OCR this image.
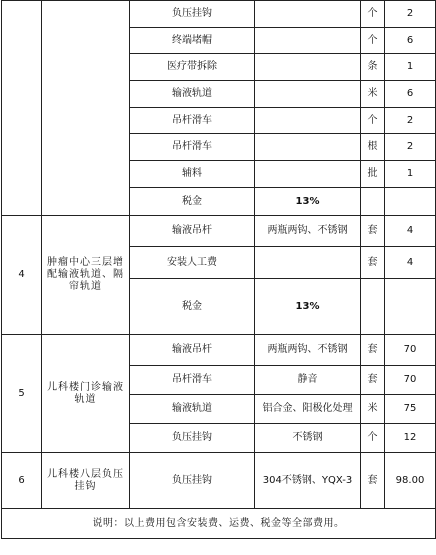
		负压挂钩		个	2
		终端堵帽		个	6
		医疗带拆除		条	1
		输液轨道		米	6
		吊杆滑车		个	2
		吊杆滑车		根	2
		辅料		批	1
		税金	13%		
4	肿瘤中心三层增配输液轨道、隔帘轨道	输液吊杆	两瓶两钩、不锈钢	套	4
		安装人工费		套	4
		税金	13%		
5	儿科楼门诊输液轨道	输液吊杆	两瓶两钩、不锈钢	套	70
		吊杆滑车	静音	套	70
		输液轨道	铝合金、阳极化处理	米	75
		负压挂钩	不锈钢	个	12
6	儿科楼八层负压挂钩	负压挂钩	304不锈钢、YQX-3	套	98.00
说明：以上费用包含安装费、运费、税金等全部费用。					
